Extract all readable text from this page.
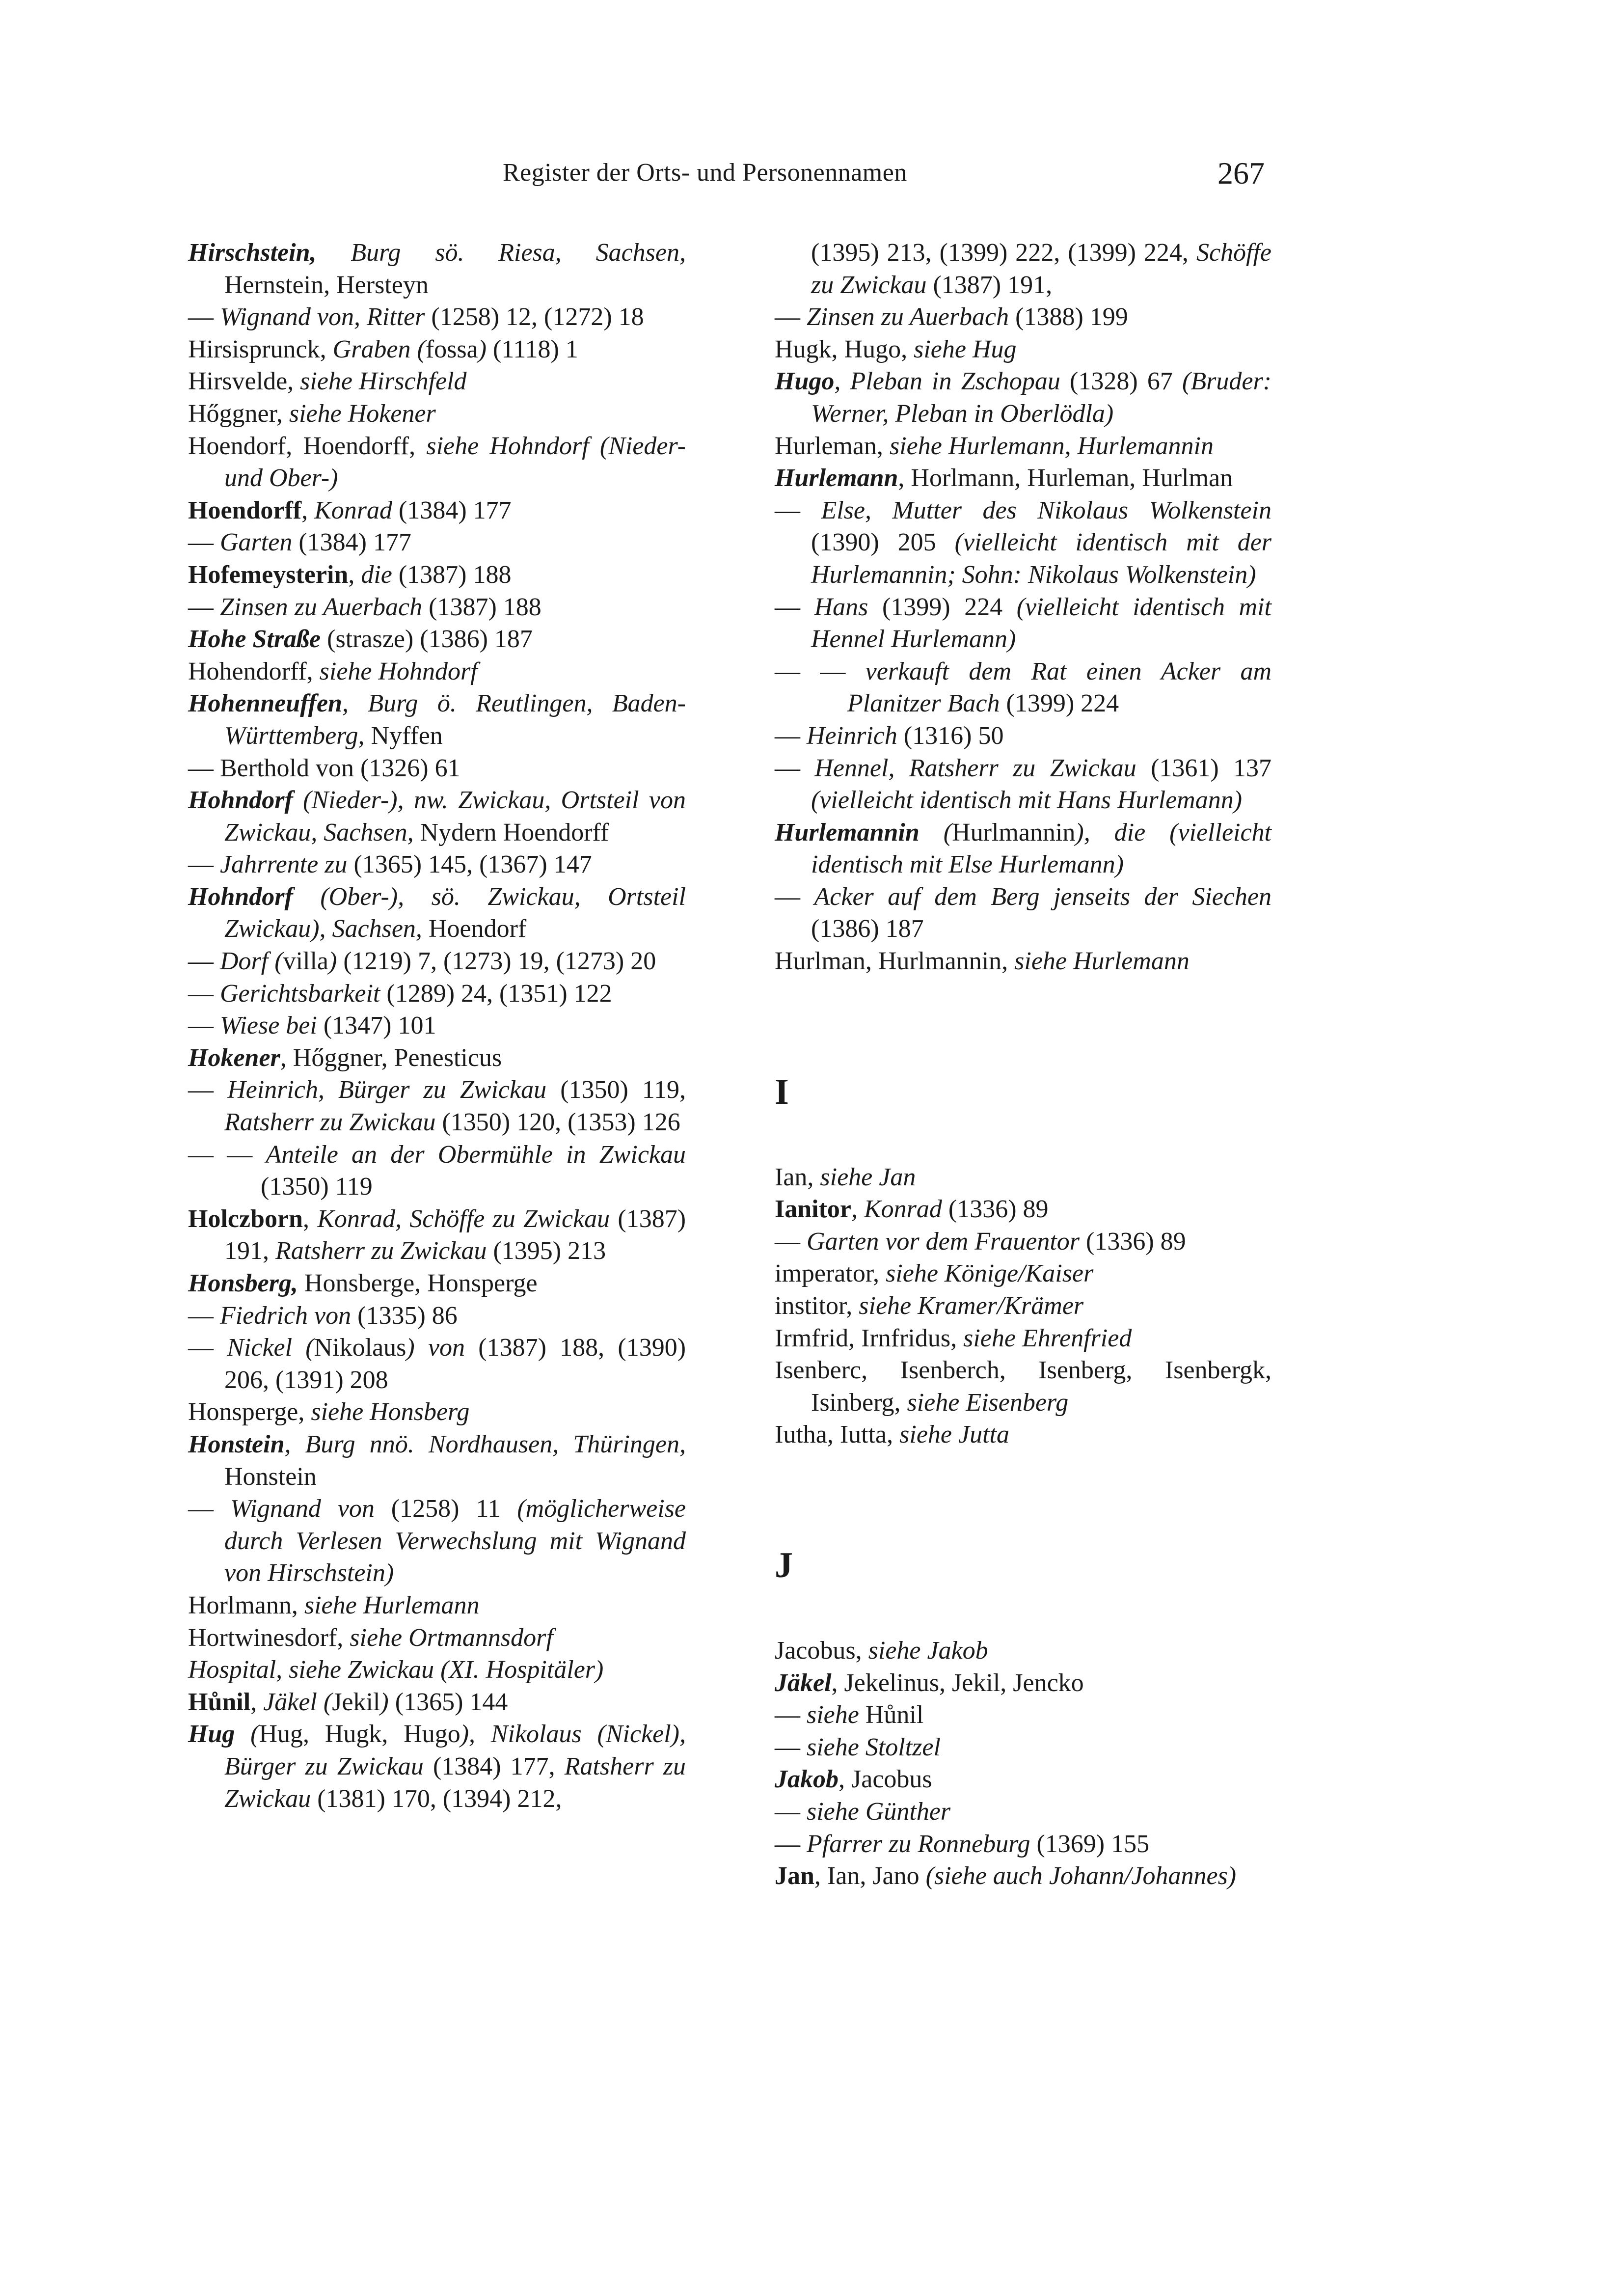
Register der Orts- und Personennamen	267

Hirschstein, Burg sö. Riesa, Sachsen, Hernstein, Hersteyn

— Wignand von, Ritter (1258) 12, (1272) 18

Hirsisprunck, Graben (fossa) (1118) 1

Hirsvelde, siehe Hirschfeld

Hőggner, siehe Hokener

Hoendorf, Hoendorff, siehe Hohndorf (Nieder- und Ober-)

Hoendorff, Konrad (1384) 177

— Garten (1384) 177

Hofemeysterin, die (1387) 188

— Zinsen zu Auerbach (1387) 188

Hohe Straße (strasze) (1386) 187

Hohendorff, siehe Hohndorf

Hohenneuffen, Burg ö. Reutlingen, Baden-Württemberg, Nyffen

— Berthold von (1326) 61

Hohndorf (Nieder-), nw. Zwickau, Ortsteil von Zwickau, Sachsen, Nydern Hoendorff

— Jahrrente zu (1365) 145, (1367) 147

Hohndorf (Ober-), sö. Zwickau, Ortsteil Zwickau), Sachsen, Hoendorf

— Dorf (villa) (1219) 7, (1273) 19, (1273) 20

— Gerichtsbarkeit (1289) 24, (1351) 122

— Wiese bei (1347) 101

Hokener, Hőggner, Penesticus

— Heinrich, Bürger zu Zwickau (1350) 119, Ratsherr zu Zwickau (1350) 120, (1353) 126

— — Anteile an der Obermühle in Zwickau (1350) 119

Holczborn, Konrad, Schöffe zu Zwickau (1387) 191, Ratsherr zu Zwickau (1395) 213

Honsberg, Honsberge, Honsperge

— Fiedrich von (1335) 86

— Nickel (Nikolaus) von (1387) 188, (1390) 206, (1391) 208

Honsperge, siehe Honsberg

Honstein, Burg nnö. Nordhausen, Thüringen, Honstein

— Wignand von (1258) 11 (möglicherweise durch Verlesen Verwechslung mit Wignand von Hirschstein)

Horlmann, siehe Hurlemann

Hortwinesdorf, siehe Ortmannsdorf

Hospital, siehe Zwickau (XI. Hospitäler)

Hůnil, Jäkel (Jekil) (1365) 144

Hug (Hug, Hugk, Hugo), Nikolaus (Nickel), Bürger zu Zwickau (1384) 177, Ratsherr zu Zwickau (1381) 170, (1394) 212,

(1395) 213, (1399) 222, (1399) 224, Schöffe zu Zwickau (1387) 191,

— Zinsen zu Auerbach (1388) 199

Hugk, Hugo, siehe Hug

Hugo, Pleban in Zschopau (1328) 67 (Bruder: Werner, Pleban in Oberlödla)

Hurleman, siehe Hurlemann, Hurlemannin

Hurlemann, Horlmann, Hurleman, Hurlman

— Else, Mutter des Nikolaus Wolkenstein (1390) 205 (vielleicht identisch mit der Hurlemannin; Sohn: Nikolaus Wolkenstein)

— Hans (1399) 224 (vielleicht identisch mit Hennel Hurlemann)

— — verkauft dem Rat einen Acker am Planitzer Bach (1399) 224

— Heinrich (1316) 50

— Hennel, Ratsherr zu Zwickau (1361) 137 (vielleicht identisch mit Hans Hurlemann)

Hurlemannin (Hurlmannin), die (vielleicht identisch mit Else Hurlemann)

— Acker auf dem Berg jenseits der Siechen (1386) 187

Hurlman, Hurlmannin, siehe Hurlemann

I

Ian, siehe Jan

Ianitor, Konrad (1336) 89

— Garten vor dem Frauentor (1336) 89

imperator, siehe Könige/Kaiser

institor, siehe Kramer/Krämer

Irmfrid, Irnfridus, siehe Ehrenfried

Isenberc, Isenberch, Isenberg, Isenbergk, Isinberg, siehe Eisenberg

Iutha, Iutta, siehe Jutta

J

Jacobus, siehe Jakob

Jäkel, Jekelinus, Jekil, Jencko

— siehe Hůnil

— siehe Stoltzel

Jakob, Jacobus

— siehe Günther

— Pfarrer zu Ronneburg (1369) 155

Jan, Ian, Jano (siehe auch Johann/Johannes)
